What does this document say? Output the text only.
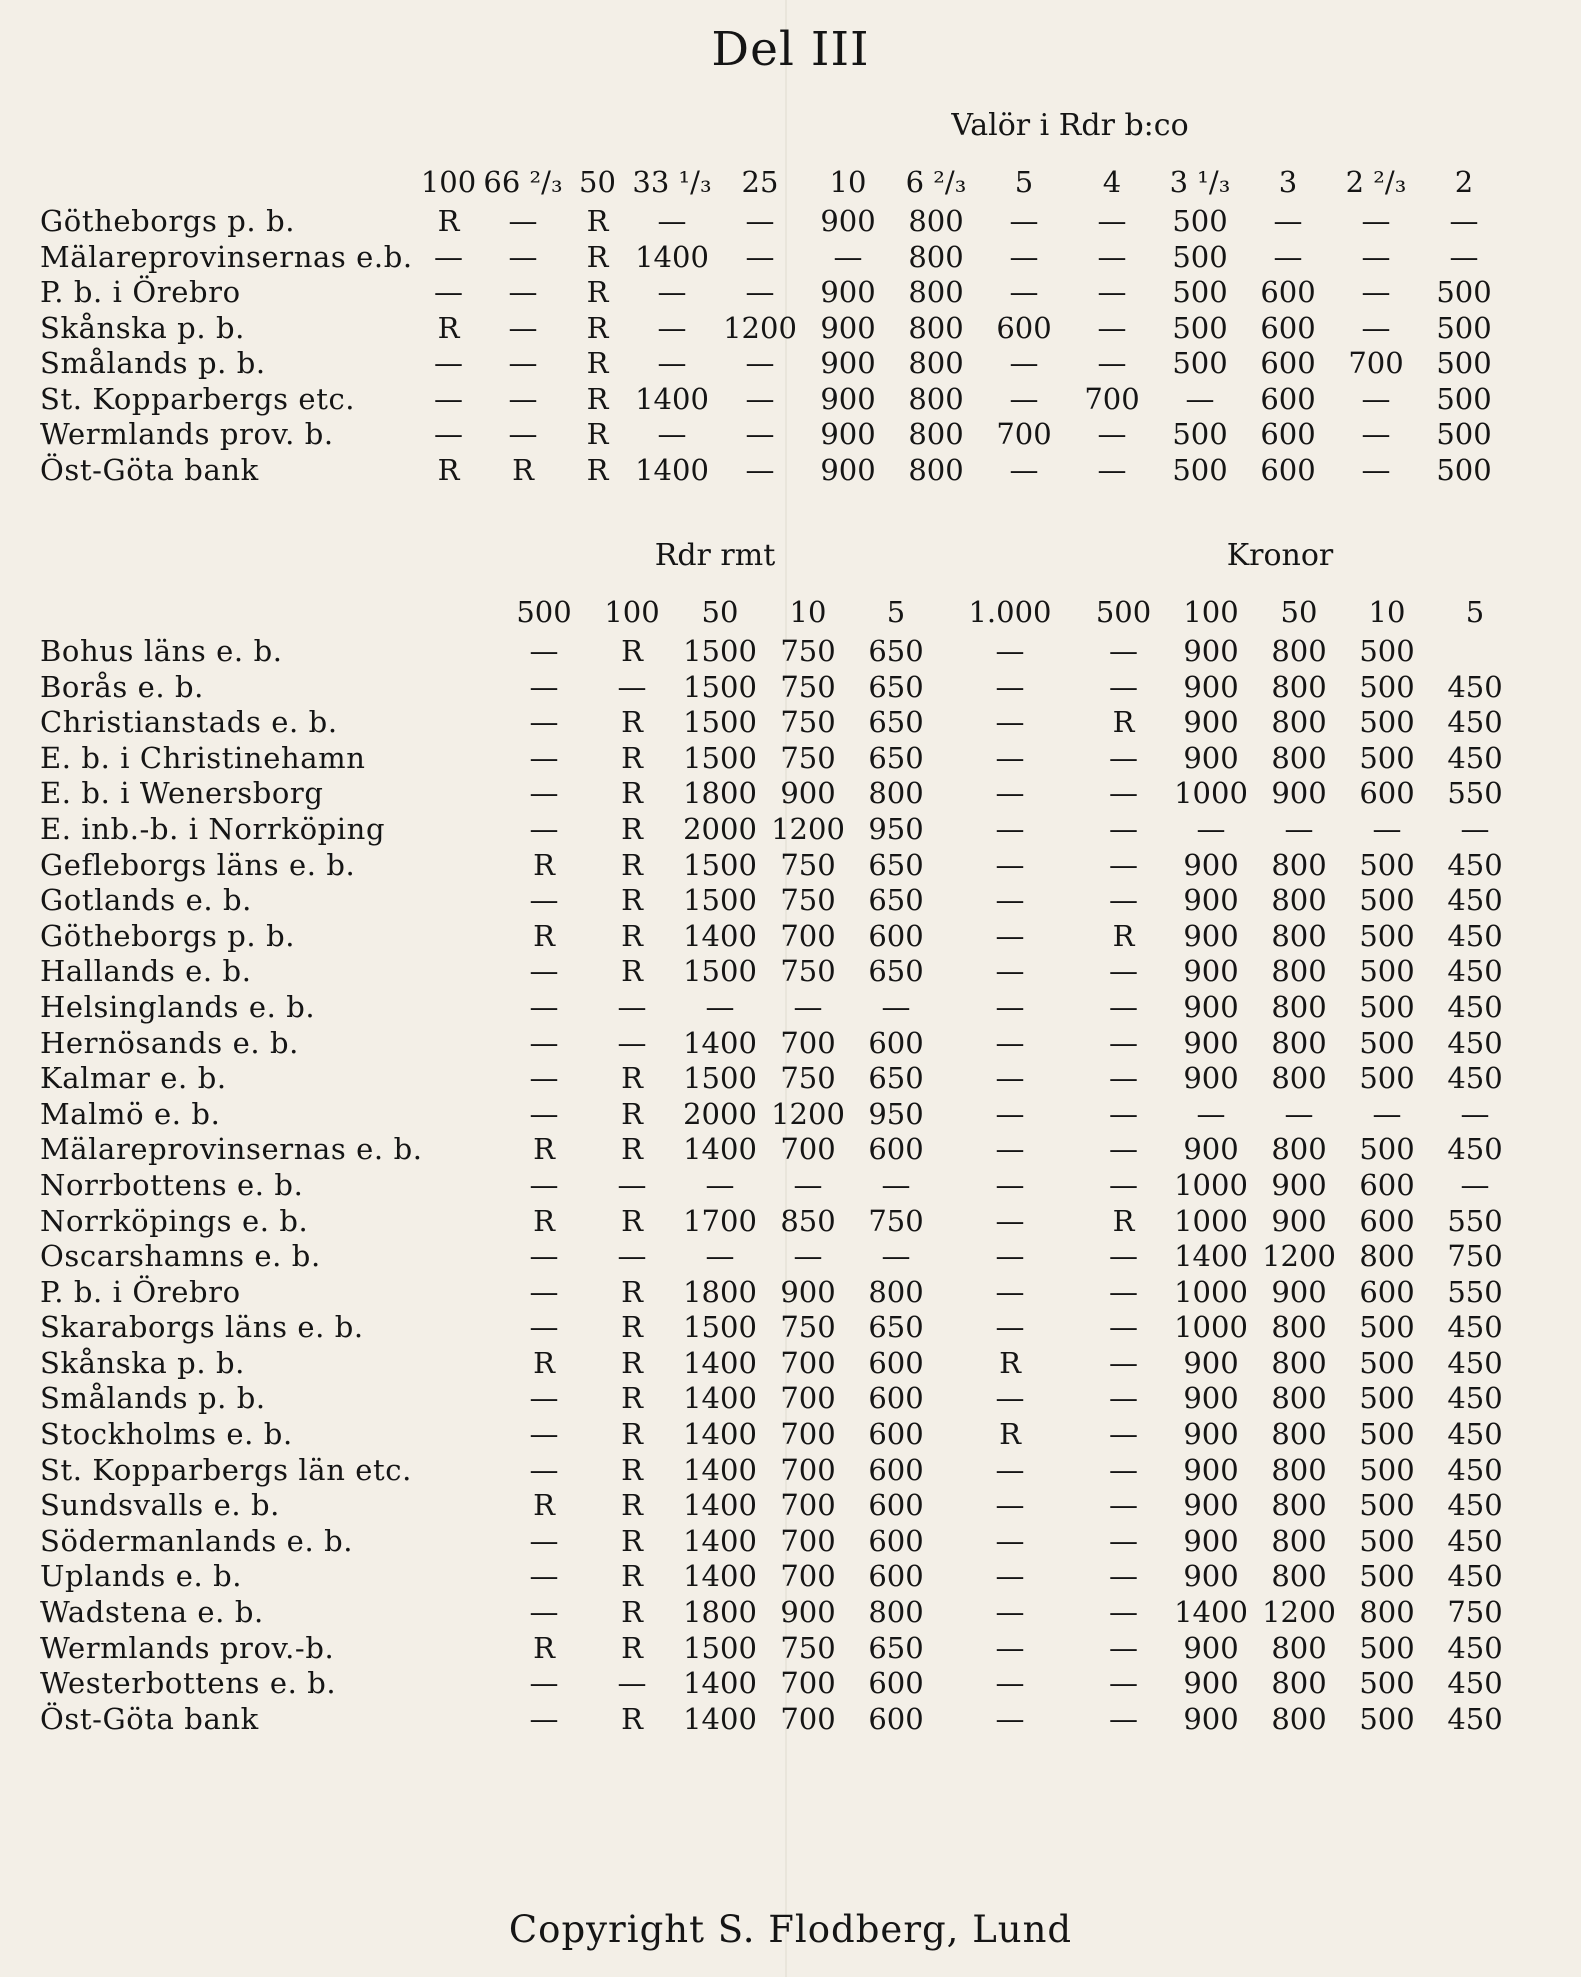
Del III
Valör i Rdr b:co
	100	66 ²/₃	50	33 ¹/₃	25	10	6 ²/₃	5	4	3 ¹/₃	3	2 ²/₃	2
Götheborgs p. b.	R	—	R	—	—	900	800	—	—	500	—	—	—
Mälareprovinsernas e.b.	—	—	R	1400	—	—	800	—	—	500	—	—	—
P. b. i Örebro	—	—	R	—	—	900	800	—	—	500	600	—	500
Skånska p. b.	R	—	R	—	1200	900	800	600	—	500	600	—	500
Smålands p. b.	—	—	R	—	—	900	800	—	—	500	600	700	500
St. Kopparbergs etc.	—	—	R	1400	—	900	800	—	700	—	600	—	500
Wermlands prov. b.	—	—	R	—	—	900	800	700	—	500	600	—	500
Öst-Göta bank	R	R	R	1400	—	900	800	—	—	500	600	—	500
Rdr rmt	Kronor
	500	100	50	10	5	1.000	500	100	50	10	5
Bohus läns e. b.	—	R	1500	750	650	—	—	900	800	500	
Borås e. b.	—	—	1500	750	650	—	—	900	800	500	450
Christianstads e. b.	—	R	1500	750	650	—	R	900	800	500	450
E. b. i Christinehamn	—	R	1500	750	650	—	—	900	800	500	450
E. b. i Wenersborg	—	R	1800	900	800	—	—	1000	900	600	550
E. inb.-b. i Norrköping	—	R	2000	1200	950	—	—	—	—	—	—
Gefleborgs läns e. b.	R	R	1500	750	650	—	—	900	800	500	450
Gotlands e. b.	—	R	1500	750	650	—	—	900	800	500	450
Götheborgs p. b.	R	R	1400	700	600	—	R	900	800	500	450
Hallands e. b.	—	R	1500	750	650	—	—	900	800	500	450
Helsinglands e. b.	—	—	—	—	—	—	—	900	800	500	450
Hernösands e. b.	—	—	1400	700	600	—	—	900	800	500	450
Kalmar e. b.	—	R	1500	750	650	—	—	900	800	500	450
Malmö e. b.	—	R	2000	1200	950	—	—	—	—	—	—
Mälareprovinsernas e. b.	R	R	1400	700	600	—	—	900	800	500	450
Norrbottens e. b.	—	—	—	—	—	—	—	1000	900	600	—
Norrköpings e. b.	R	R	1700	850	750	—	R	1000	900	600	550
Oscarshamns e. b.	—	—	—	—	—	—	—	1400	1200	800	750
P. b. i Örebro	—	R	1800	900	800	—	—	1000	900	600	550
Skaraborgs läns e. b.	—	R	1500	750	650	—	—	1000	800	500	450
Skånska p. b.	R	R	1400	700	600	R	—	900	800	500	450
Smålands p. b.	—	R	1400	700	600	—	—	900	800	500	450
Stockholms e. b.	—	R	1400	700	600	R	—	900	800	500	450
St. Kopparbergs län etc.	—	R	1400	700	600	—	—	900	800	500	450
Sundsvalls e. b.	R	R	1400	700	600	—	—	900	800	500	450
Södermanlands e. b.	—	R	1400	700	600	—	—	900	800	500	450
Uplands e. b.	—	R	1400	700	600	—	—	900	800	500	450
Wadstena e. b.	—	R	1800	900	800	—	—	1400	1200	800	750
Wermlands prov.-b.	R	R	1500	750	650	—	—	900	800	500	450
Westerbottens e. b.	—	—	1400	700	600	—	—	900	800	500	450
Öst-Göta bank	—	R	1400	700	600	—	—	900	800	500	450
Copyright S. Flodberg, Lund
